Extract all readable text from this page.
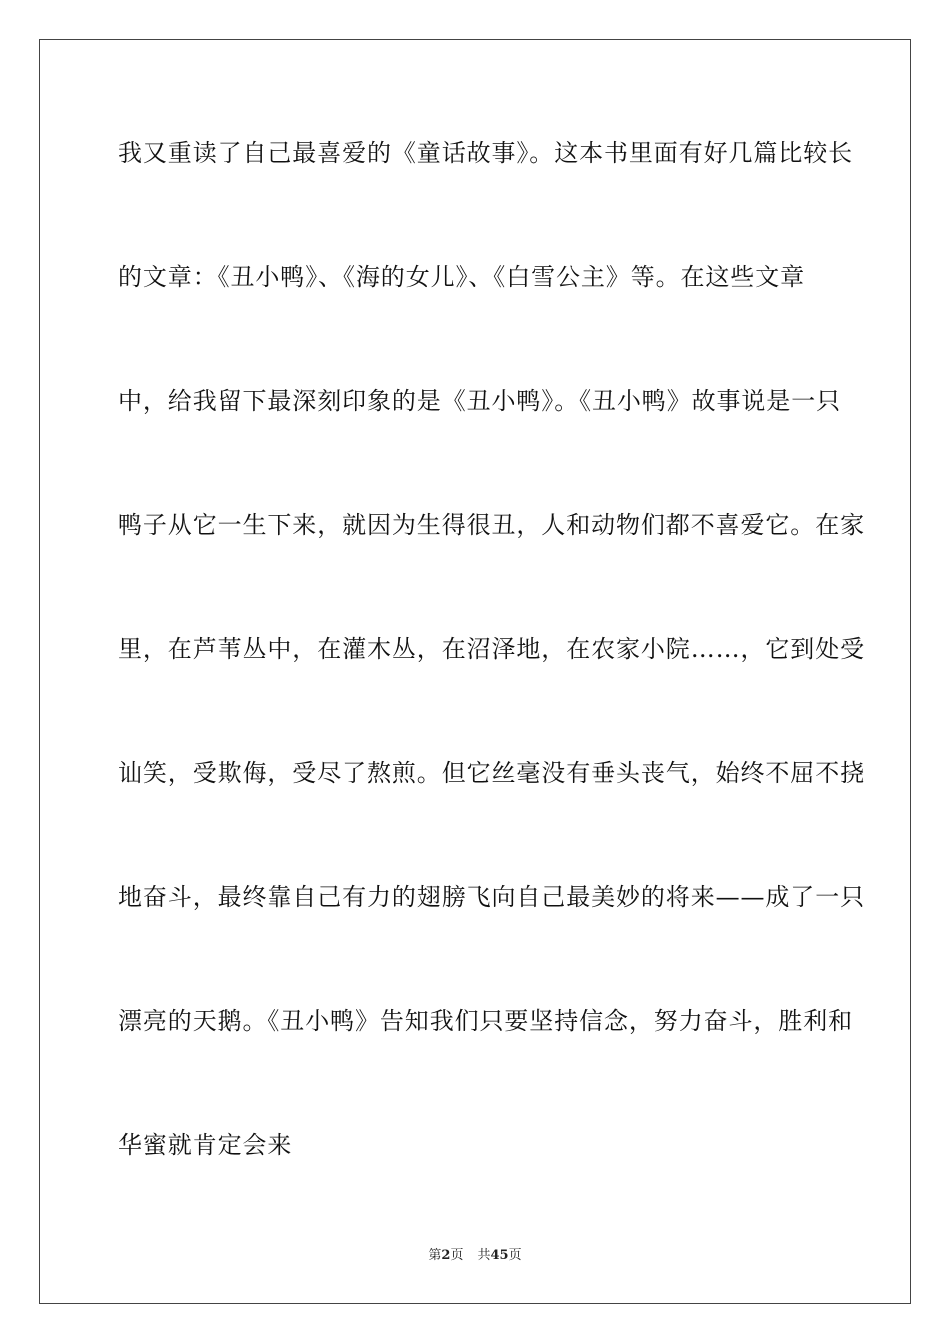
我又重读了自己最喜爱的《童话故事》。这本书里面有好几篇比较长
的文章：《丑小鸭》、《海的女儿》、《白雪公主》等。在这些文章
中，给我留下最深刻印象的是《丑小鸭》。《丑小鸭》故事说是一只
鸭子从它一生下来，就因为生得很丑，人和动物们都不喜爱它。在家
里，在芦苇丛中，在灌木丛，在沼泽地，在农家小院……，它到处受
讪笑，受欺侮，受尽了熬煎。但它丝毫没有垂头丧气，始终不屈不挠
地奋斗，最终靠自己有力的翅膀飞向自己最美妙的将来——成了一只
漂亮的天鹅。《丑小鸭》告知我们只要坚持信念，努力奋斗，胜利和
华蜜就肯定会来
第2页 共45页
